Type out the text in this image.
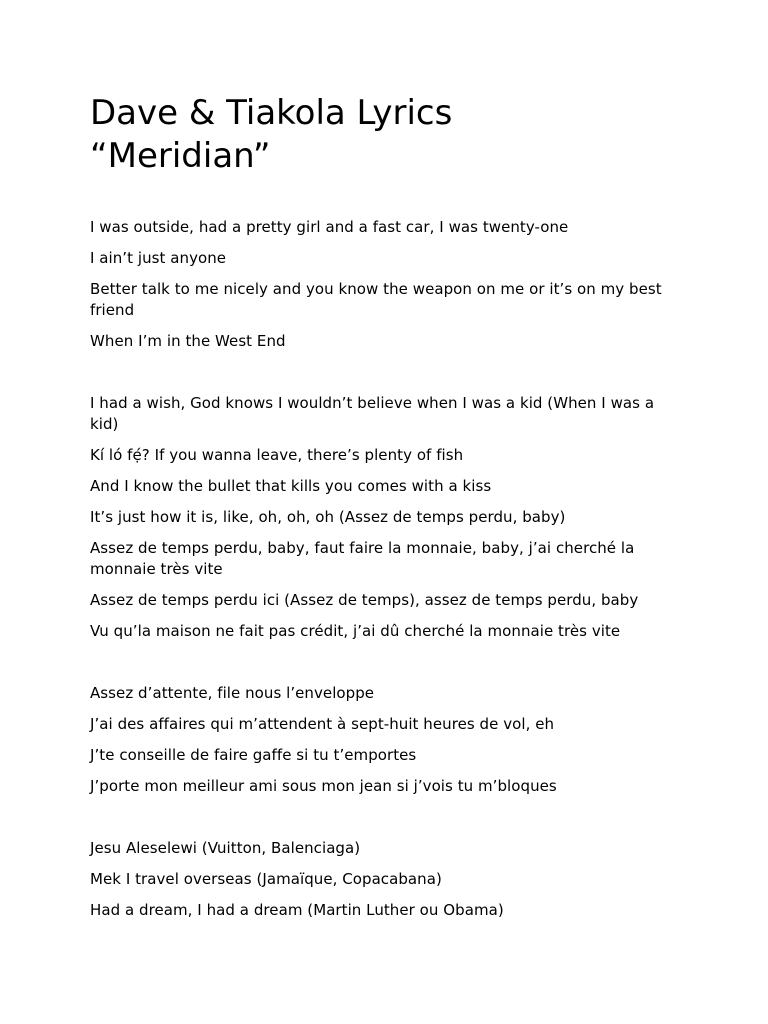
Dave & Tiakola Lyrics
“Meridian”

I was outside, had a pretty girl and a fast car, I was twenty-one

I ain’t just anyone

Better talk to me nicely and you know the weapon on me or it’s on my best friend

When I’m in the West End

I had a wish, God knows I wouldn’t believe when I was a kid (When I was a kid)

Kí ló fẹ́? If you wanna leave, there’s plenty of fish

And I know the bullet that kills you comes with a kiss

It’s just how it is, like, oh, oh, oh (Assez de temps perdu, baby)

Assez de temps perdu, baby, faut faire la monnaie, baby, j’ai cherché la monnaie très vite

Assez de temps perdu ici (Assez de temps), assez de temps perdu, baby

Vu qu’la maison ne fait pas crédit, j’ai dû cherché la monnaie très vite

Assez d’attente, file nous l’enveloppe

J’ai des affaires qui m’attendent à sept-huit heures de vol, eh

J’te conseille de faire gaffe si tu t’emportes

J’porte mon meilleur ami sous mon jean si j’vois tu m’bloques

Jesu Aleselewi (Vuitton, Balenciaga)

Mek I travel overseas (Jamaïque, Copacabana)

Had a dream, I had a dream (Martin Luther ou Obama)
